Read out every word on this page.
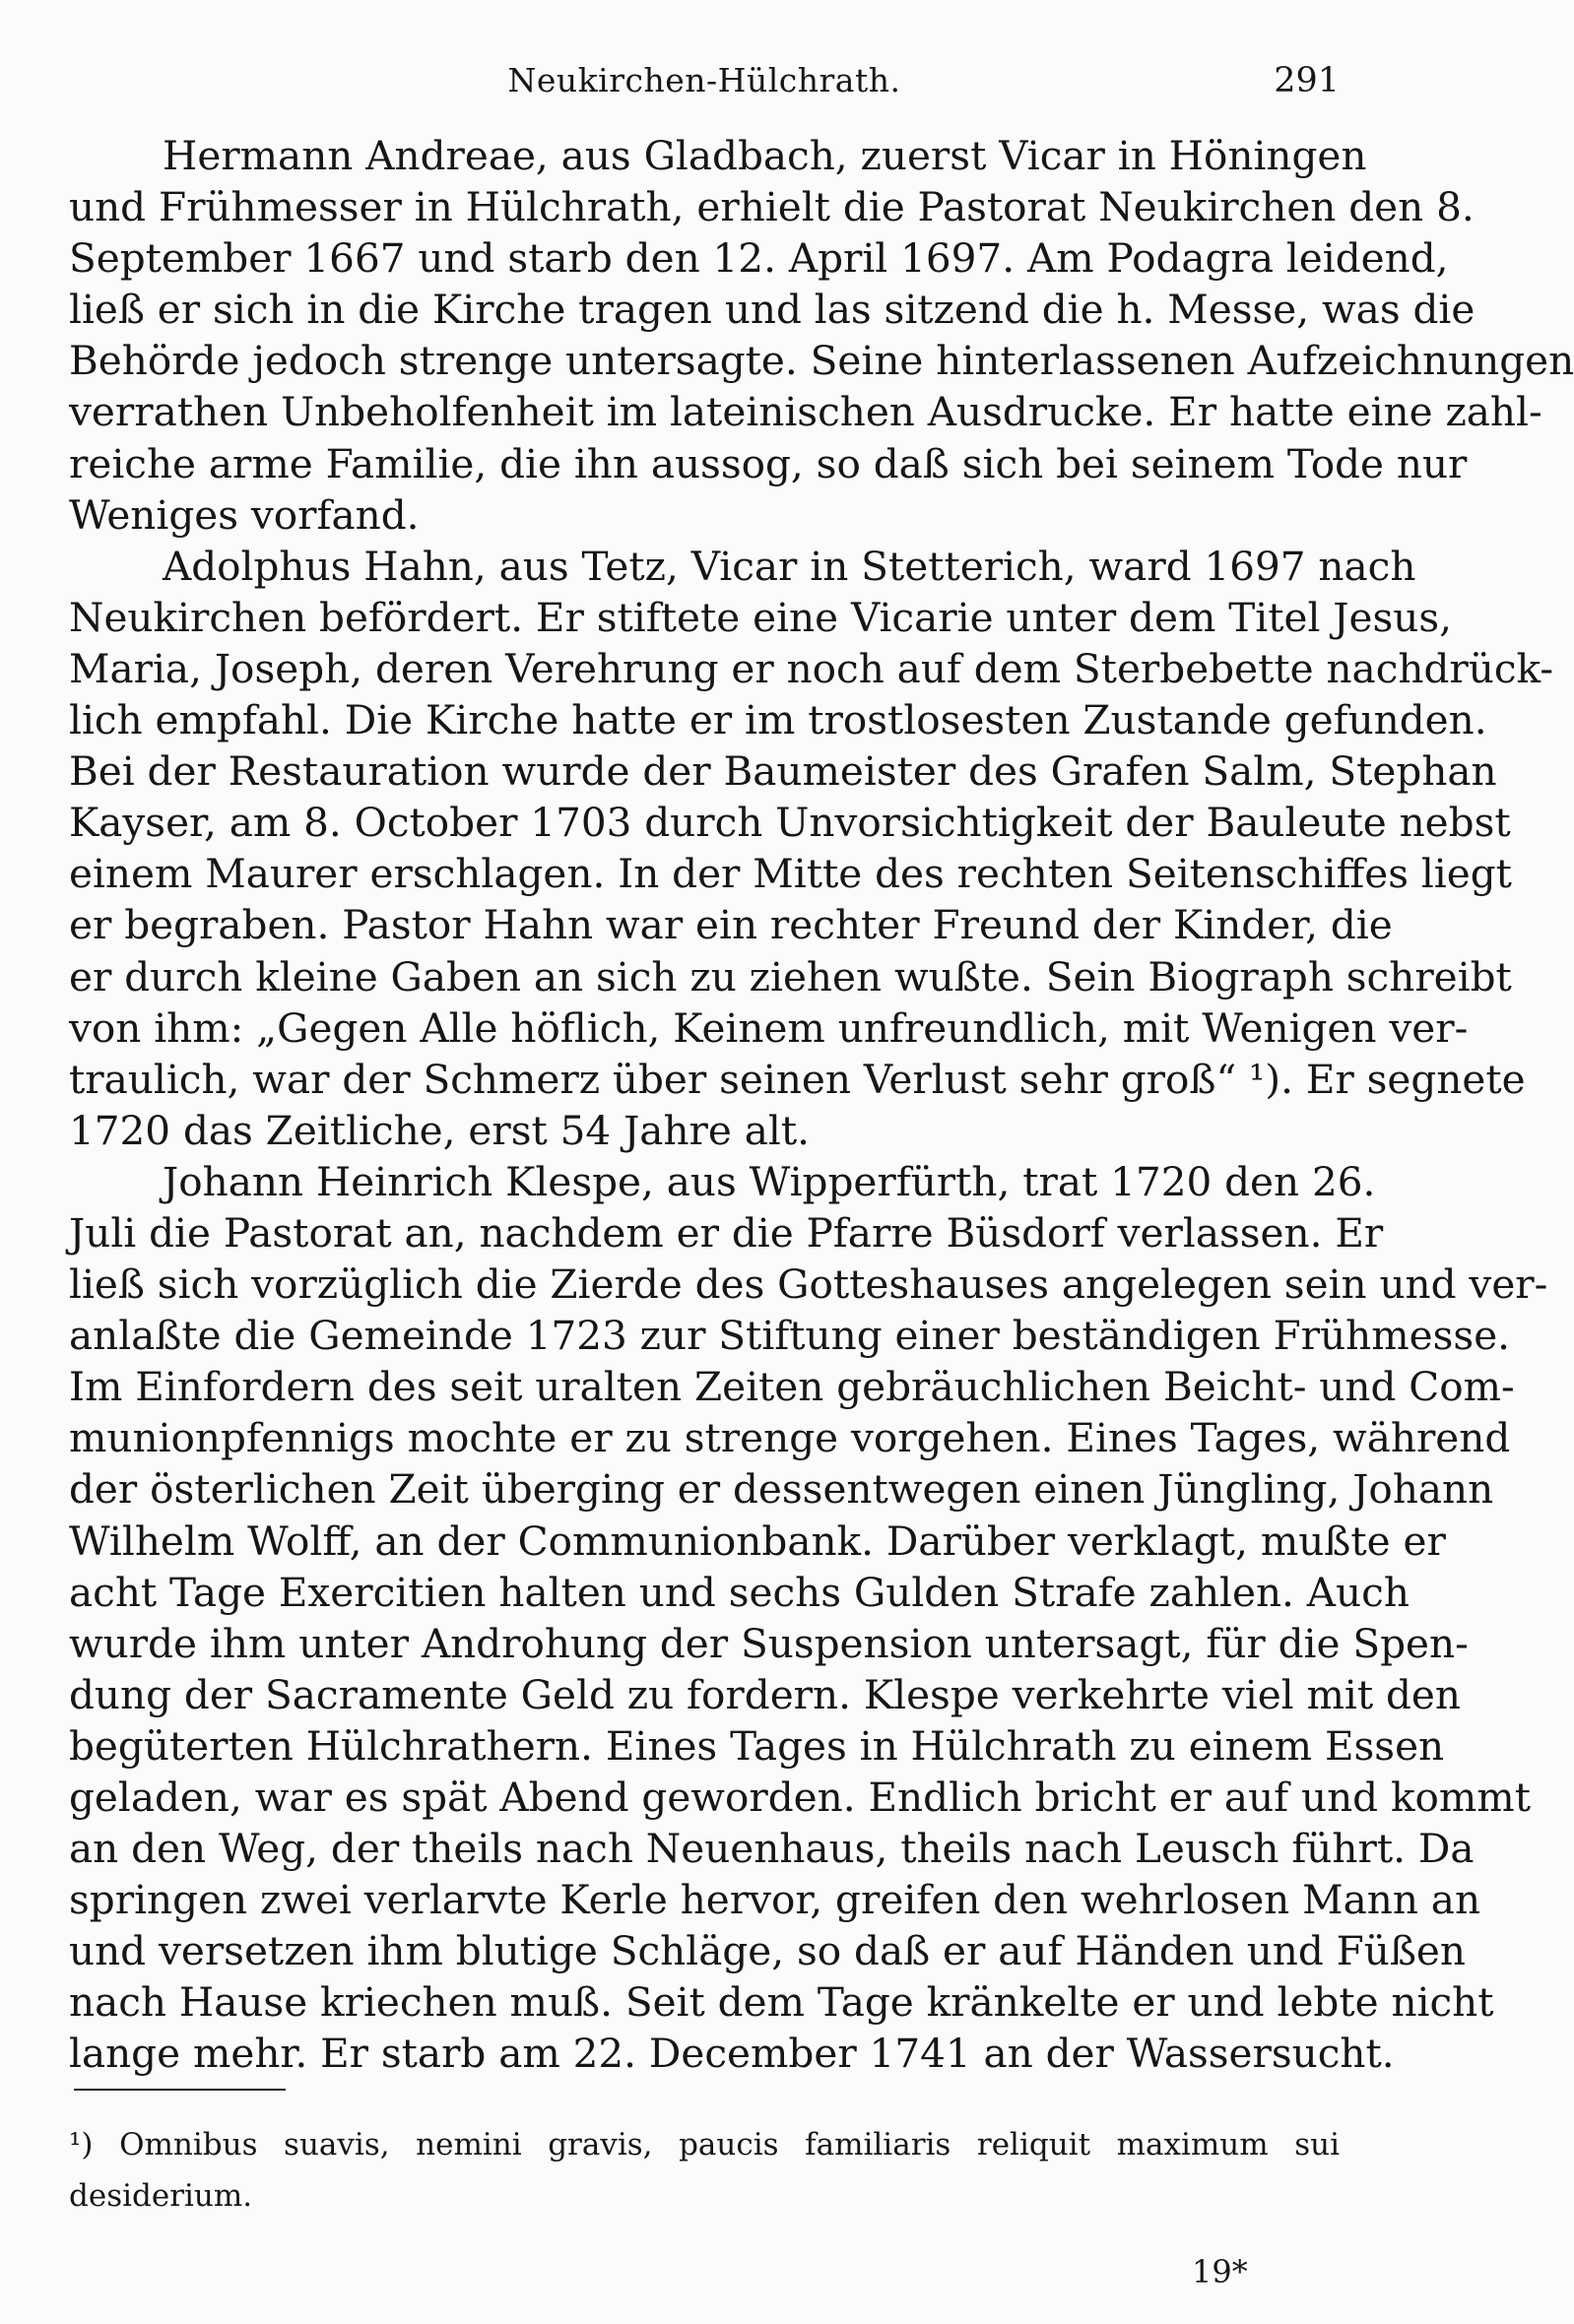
Neukirchen-Hülchrath.	291
Hermann Andreae, aus Gladbach, zuerst Vicar in Höningen
und Frühmesser in Hülchrath, erhielt die Pastorat Neukirchen den 8.
September 1667 und starb den 12. April 1697. Am Podagra leidend,
ließ er sich in die Kirche tragen und las sitzend die h. Messe, was die
Behörde jedoch strenge untersagte. Seine hinterlassenen Aufzeichnungen
verrathen Unbeholfenheit im lateinischen Ausdrucke. Er hatte eine zahl-
reiche arme Familie, die ihn aussog, so daß sich bei seinem Tode nur
Weniges vorfand.
Adolphus Hahn, aus Tetz, Vicar in Stetterich, ward 1697 nach
Neukirchen befördert. Er stiftete eine Vicarie unter dem Titel Jesus,
Maria, Joseph, deren Verehrung er noch auf dem Sterbebette nachdrück-
lich empfahl. Die Kirche hatte er im trostlosesten Zustande gefunden.
Bei der Restauration wurde der Baumeister des Grafen Salm, Stephan
Kayser, am 8. October 1703 durch Unvorsichtigkeit der Bauleute nebst
einem Maurer erschlagen. In der Mitte des rechten Seitenschiffes liegt
er begraben. Pastor Hahn war ein rechter Freund der Kinder, die
er durch kleine Gaben an sich zu ziehen wußte. Sein Biograph schreibt
von ihm: „Gegen Alle höflich, Keinem unfreundlich, mit Wenigen ver-
traulich, war der Schmerz über seinen Verlust sehr groß“ ¹). Er segnete
1720 das Zeitliche, erst 54 Jahre alt.
Johann Heinrich Klespe, aus Wipperfürth, trat 1720 den 26.
Juli die Pastorat an, nachdem er die Pfarre Büsdorf verlassen. Er
ließ sich vorzüglich die Zierde des Gotteshauses angelegen sein und ver-
anlaßte die Gemeinde 1723 zur Stiftung einer beständigen Frühmesse.
Im Einfordern des seit uralten Zeiten gebräuchlichen Beicht- und Com-
munionpfennigs mochte er zu strenge vorgehen. Eines Tages, während
der österlichen Zeit überging er dessentwegen einen Jüngling, Johann
Wilhelm Wolff, an der Communionbank. Darüber verklagt, mußte er
acht Tage Exercitien halten und sechs Gulden Strafe zahlen. Auch
wurde ihm unter Androhung der Suspension untersagt, für die Spen-
dung der Sacramente Geld zu fordern. Klespe verkehrte viel mit den
begüterten Hülchrathern. Eines Tages in Hülchrath zu einem Essen
geladen, war es spät Abend geworden. Endlich bricht er auf und kommt
an den Weg, der theils nach Neuenhaus, theils nach Leusch führt. Da
springen zwei verlarvte Kerle hervor, greifen den wehrlosen Mann an
und versetzen ihm blutige Schläge, so daß er auf Händen und Füßen
nach Hause kriechen muß. Seit dem Tage kränkelte er und lebte nicht
lange mehr. Er starb am 22. December 1741 an der Wassersucht.
¹) Omnibus suavis, nemini gravis, paucis familiaris reliquit maximum sui
desiderium.
19*
